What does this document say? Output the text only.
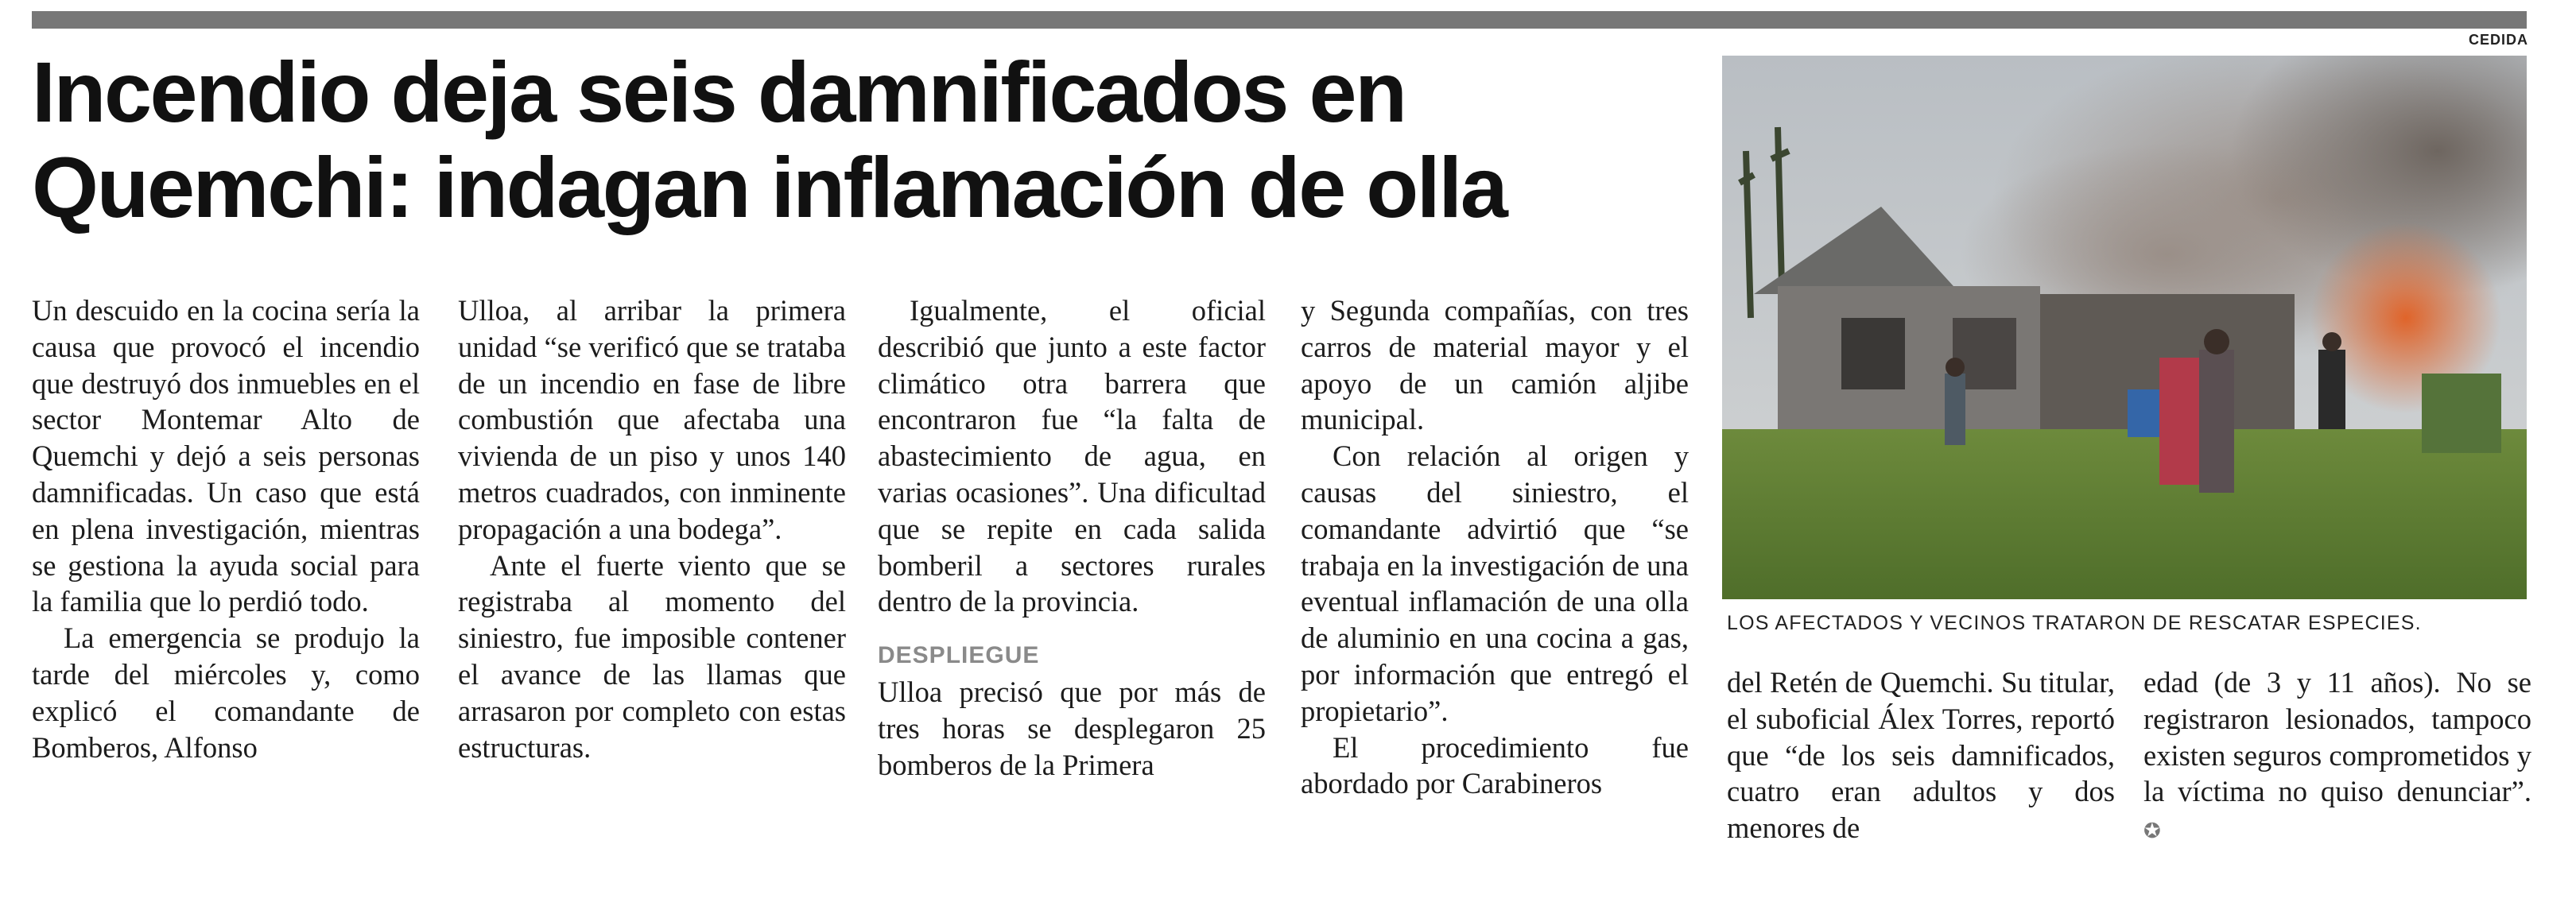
CEDIDA
Incendio deja seis damnificados en
Quemchi: indagan inflamación de olla
LOS AFECTADOS Y VECINOS TRATARON DE RESCATAR ESPECIES.

Un descuido en la cocina sería la causa que provocó el incendio que destruyó dos inmuebles en el sector Montemar Alto de Quemchi y dejó a seis personas damnificadas. Un caso que está en plena investigación, mientras se gestiona la ayuda social para la familia que lo perdió todo.

La emergencia se produjo la tarde del miércoles y, como explicó el comandante de Bomberos, Alfonso

Ulloa, al arribar la primera unidad “se verificó que se trataba de un incendio en fase de libre combustión que afectaba una vivienda de un piso y unos 140 metros cuadrados, con inminente propagación a una bodega”.

Ante el fuerte viento que se registraba al momento del siniestro, fue imposible contener el avance de las llamas que arrasaron por completo con estas estructuras.

Igualmente, el oficial describió que junto a este factor climático otra barrera que encontraron fue “la falta de abastecimiento de agua, en varias ocasiones”. Una dificultad que se repite en cada salida bomberil a sectores rurales dentro de la provincia.

DESPLIEGUE

Ulloa precisó que por más de tres horas se desplegaron 25 bomberos de la Primera

y Segunda compañías, con tres carros de material mayor y el apoyo de un camión aljibe municipal.

Con relación al origen y causas del siniestro, el comandante advirtió que “se trabaja en la investigación de una eventual inflamación de una olla de aluminio en una cocina a gas, por información que entregó el propietario”.

El procedimiento fue abordado por Carabineros

del Retén de Quemchi. Su titular, el suboficial Álex Torres, reportó que “de los seis damnificados, cuatro eran adultos y dos menores de

edad (de 3 y 11 años). No se registraron lesionados, tampoco existen seguros comprometidos y la víctima no quiso denunciar”. ✪
